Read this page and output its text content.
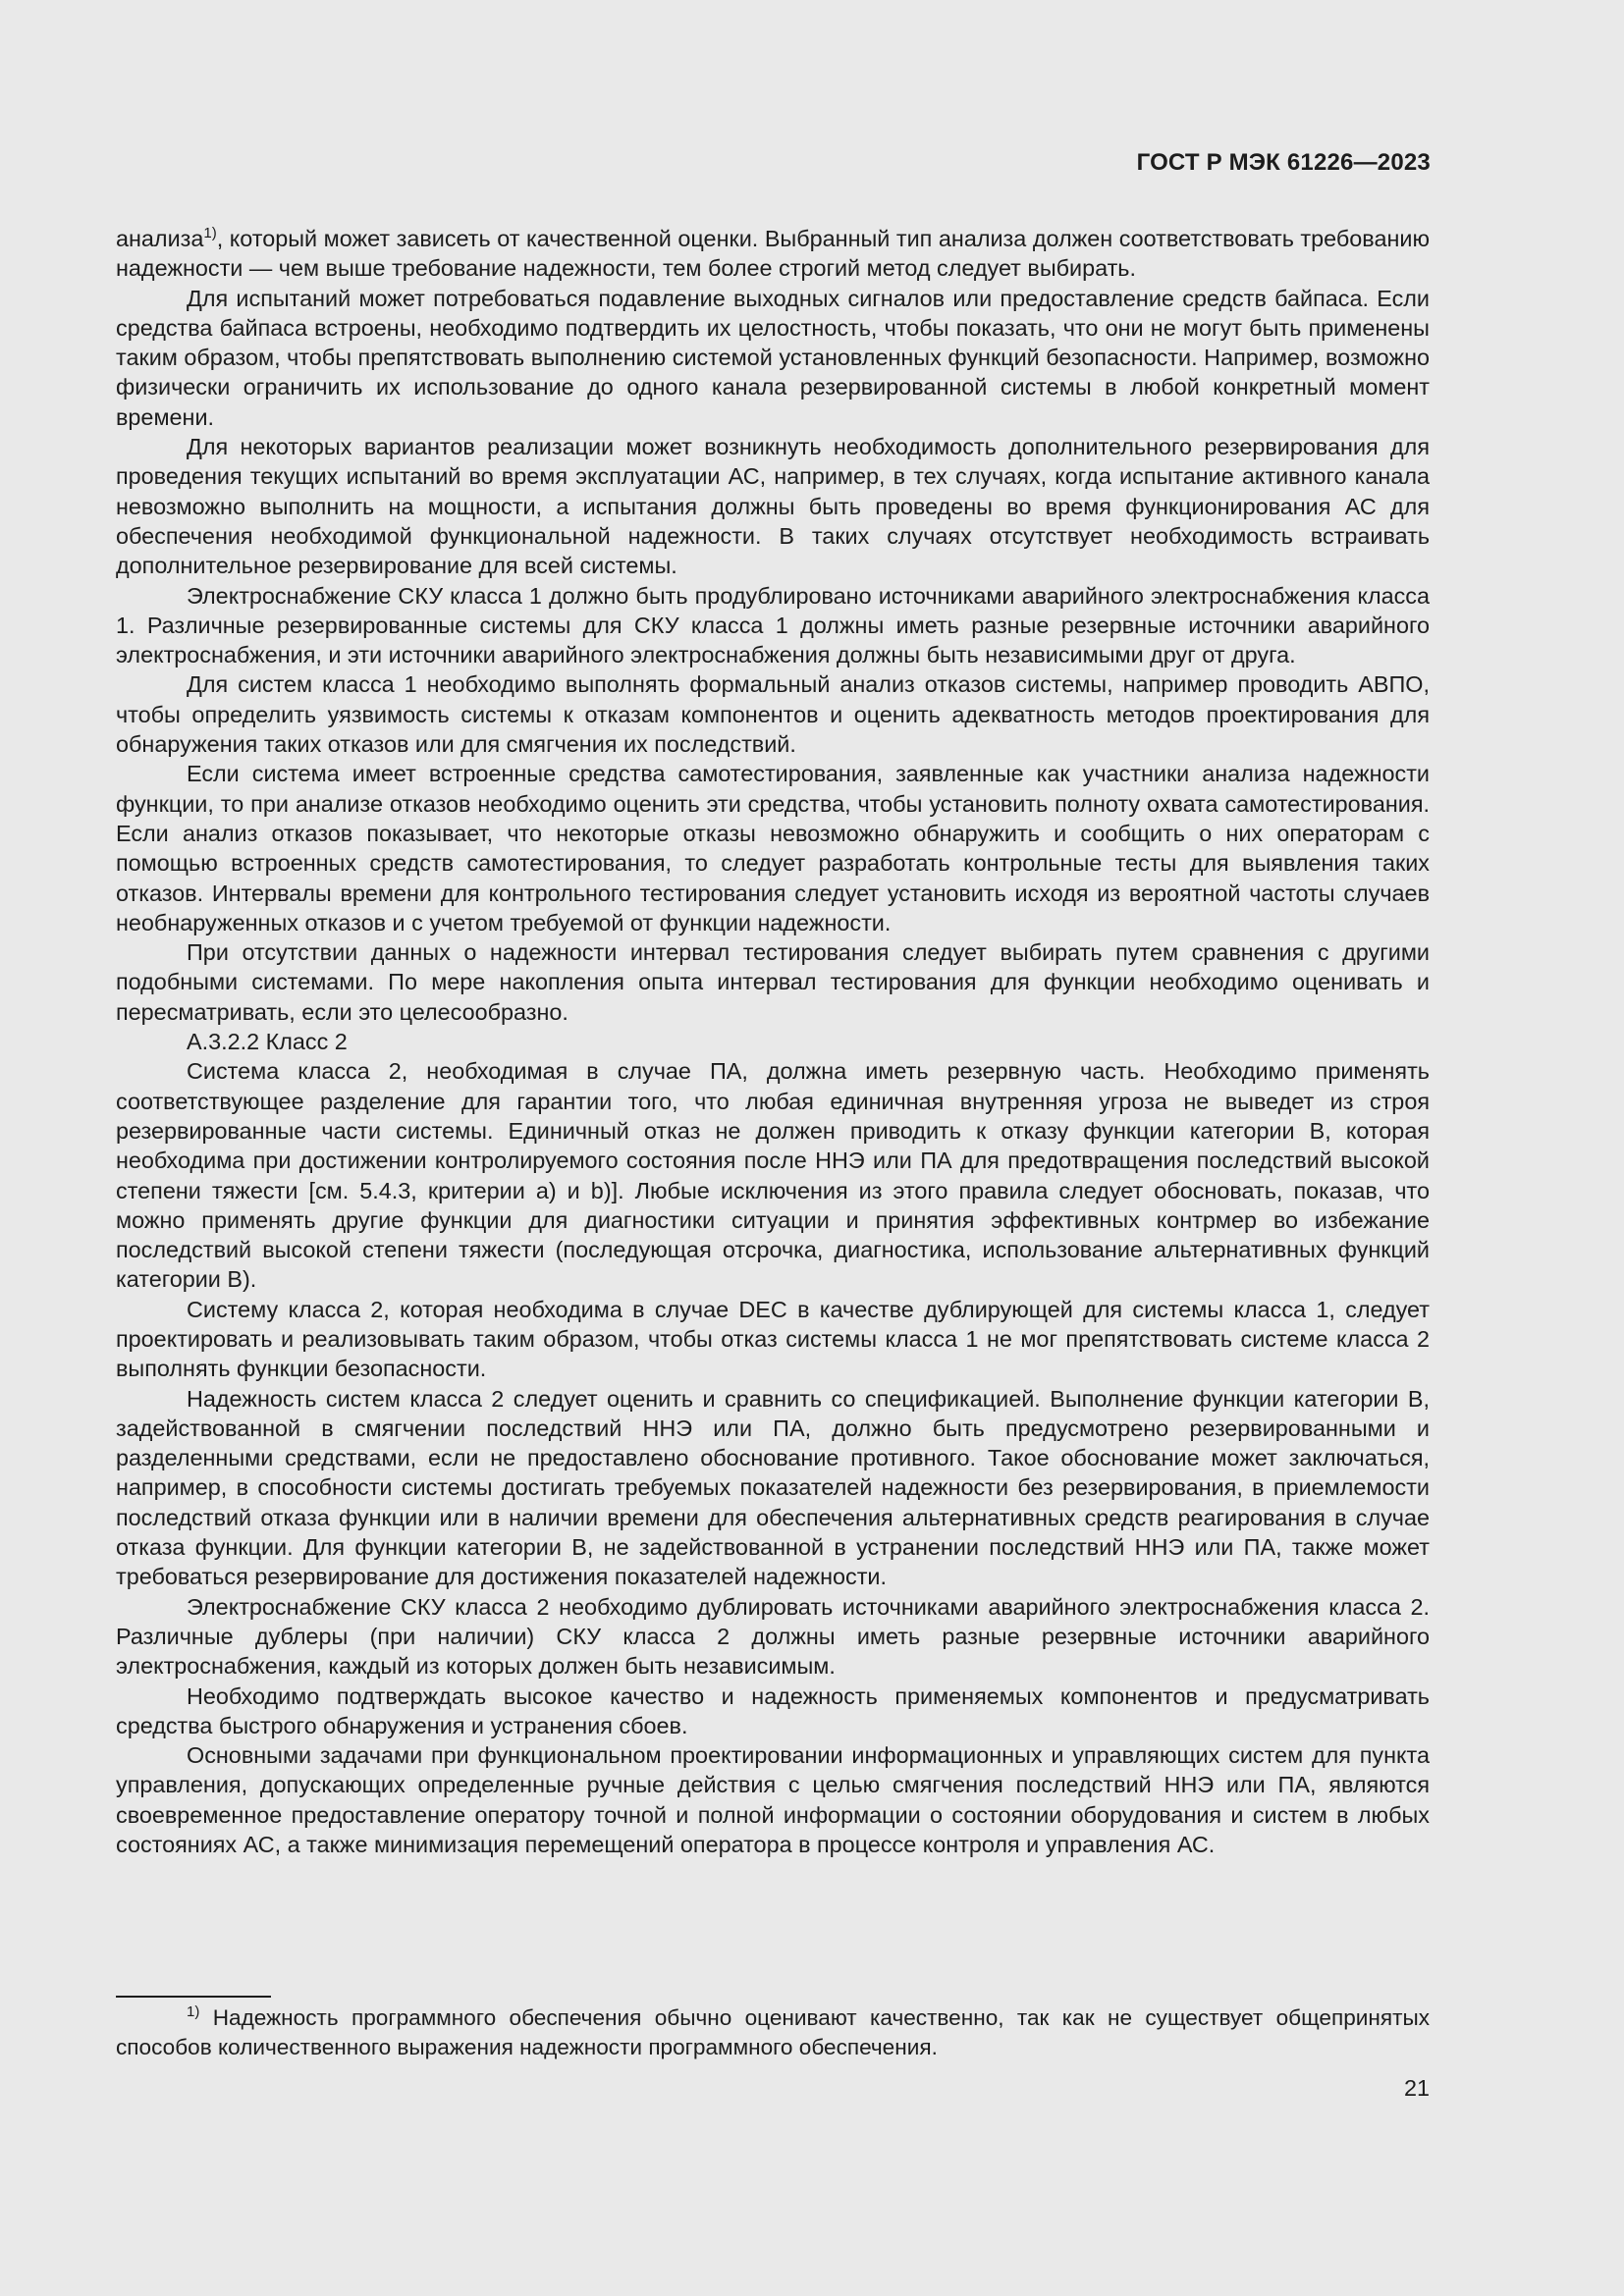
ГОСТ Р МЭК 61226—2023

анализа$^{1)}$, который может зависеть от качественной оценки. Выбранный тип анализа должен соответствовать требованию надежности — чем выше требование надежности, тем более строгий метод следует выбирать.

Для испытаний может потребоваться подавление выходных сигналов или предоставление средств байпаса. Если средства байпаса встроены, необходимо подтвердить их целостность, чтобы показать, что они не могут быть применены таким образом, чтобы препятствовать выполнению системой установленных функций безопасности. Например, возможно физически ограничить их использование до одного канала резервированной системы в любой конкретный момент времени.

Для некоторых вариантов реализации может возникнуть необходимость дополнительного резервирования для проведения текущих испытаний во время эксплуатации АС, например, в тех случаях, когда испытание активного канала невозможно выполнить на мощности, а испытания должны быть проведены во время функционирования АС для обеспечения необходимой функциональной надежности. В таких случаях отсутствует необходимость встраивать дополнительное резервирование для всей системы.

Электроснабжение СКУ класса 1 должно быть продублировано источниками аварийного электроснабжения класса 1. Различные резервированные системы для СКУ класса 1 должны иметь разные резервные источники аварийного электроснабжения, и эти источники аварийного электроснабжения должны быть независимыми друг от друга.

Для систем класса 1 необходимо выполнять формальный анализ отказов системы, например проводить АВПО, чтобы определить уязвимость системы к отказам компонентов и оценить адекватность методов проектирования для обнаружения таких отказов или для смягчения их последствий.

Если система имеет встроенные средства самотестирования, заявленные как участники анализа надежности функции, то при анализе отказов необходимо оценить эти средства, чтобы установить полноту охвата самотестирования. Если анализ отказов показывает, что некоторые отказы невозможно обнаружить и сообщить о них операторам с помощью встроенных средств самотестирования, то следует разработать контрольные тесты для выявления таких отказов. Интервалы времени для контрольного тестирования следует установить исходя из вероятной частоты случаев необнаруженных отказов и с учетом требуемой от функции надежности.

При отсутствии данных о надежности интервал тестирования следует выбирать путем сравнения с другими подобными системами. По мере накопления опыта интервал тестирования для функции необходимо оценивать и пересматривать, если это целесообразно.

А.3.2.2 Класс 2

Система класса 2, необходимая в случае ПА, должна иметь резервную часть. Необходимо применять соответствующее разделение для гарантии того, что любая единичная внутренняя угроза не выведет из строя резервированные части системы. Единичный отказ не должен приводить к отказу функции категории В, которая необходима при достижении контролируемого состояния после ННЭ или ПА для предотвращения последствий высокой степени тяжести [см. 5.4.3, критерии а) и b)]. Любые исключения из этого правила следует обосновать, показав, что можно применять другие функции для диагностики ситуации и принятия эффективных контрмер во избежание последствий высокой степени тяжести (последующая отсрочка, диагностика, использование альтернативных функций категории В).

Систему класса 2, которая необходима в случае DEC в качестве дублирующей для системы класса 1, следует проектировать и реализовывать таким образом, чтобы отказ системы класса 1 не мог препятствовать системе класса 2 выполнять функции безопасности.

Надежность систем класса 2 следует оценить и сравнить со спецификацией. Выполнение функции категории В, задействованной в смягчении последствий ННЭ или ПА, должно быть предусмотрено резервированными и разделенными средствами, если не предоставлено обоснование противного. Такое обоснование может заключаться, например, в способности системы достигать требуемых показателей надежности без резервирования, в приемлемости последствий отказа функции или в наличии времени для обеспечения альтернативных средств реагирования в случае отказа функции. Для функции категории В, не задействованной в устранении последствий ННЭ или ПА, также может требоваться резервирование для достижения показателей надежности.

Электроснабжение СКУ класса 2 необходимо дублировать источниками аварийного электроснабжения класса 2. Различные дублеры (при наличии) СКУ класса 2 должны иметь разные резервные источники аварийного электроснабжения, каждый из которых должен быть независимым.

Необходимо подтверждать высокое качество и надежность применяемых компонентов и предусматривать средства быстрого обнаружения и устранения сбоев.

Основными задачами при функциональном проектировании информационных и управляющих систем для пункта управления, допускающих определенные ручные действия с целью смягчения последствий ННЭ или ПА, являются своевременное предоставление оператору точной и полной информации о состоянии оборудования и систем в любых состояниях АС, а также минимизация перемещений оператора в процессе контроля и управления АС.

$^{1)}$ Надежность программного обеспечения обычно оценивают качественно, так как не существует общепринятых способов количественного выражения надежности программного обеспечения.
21
